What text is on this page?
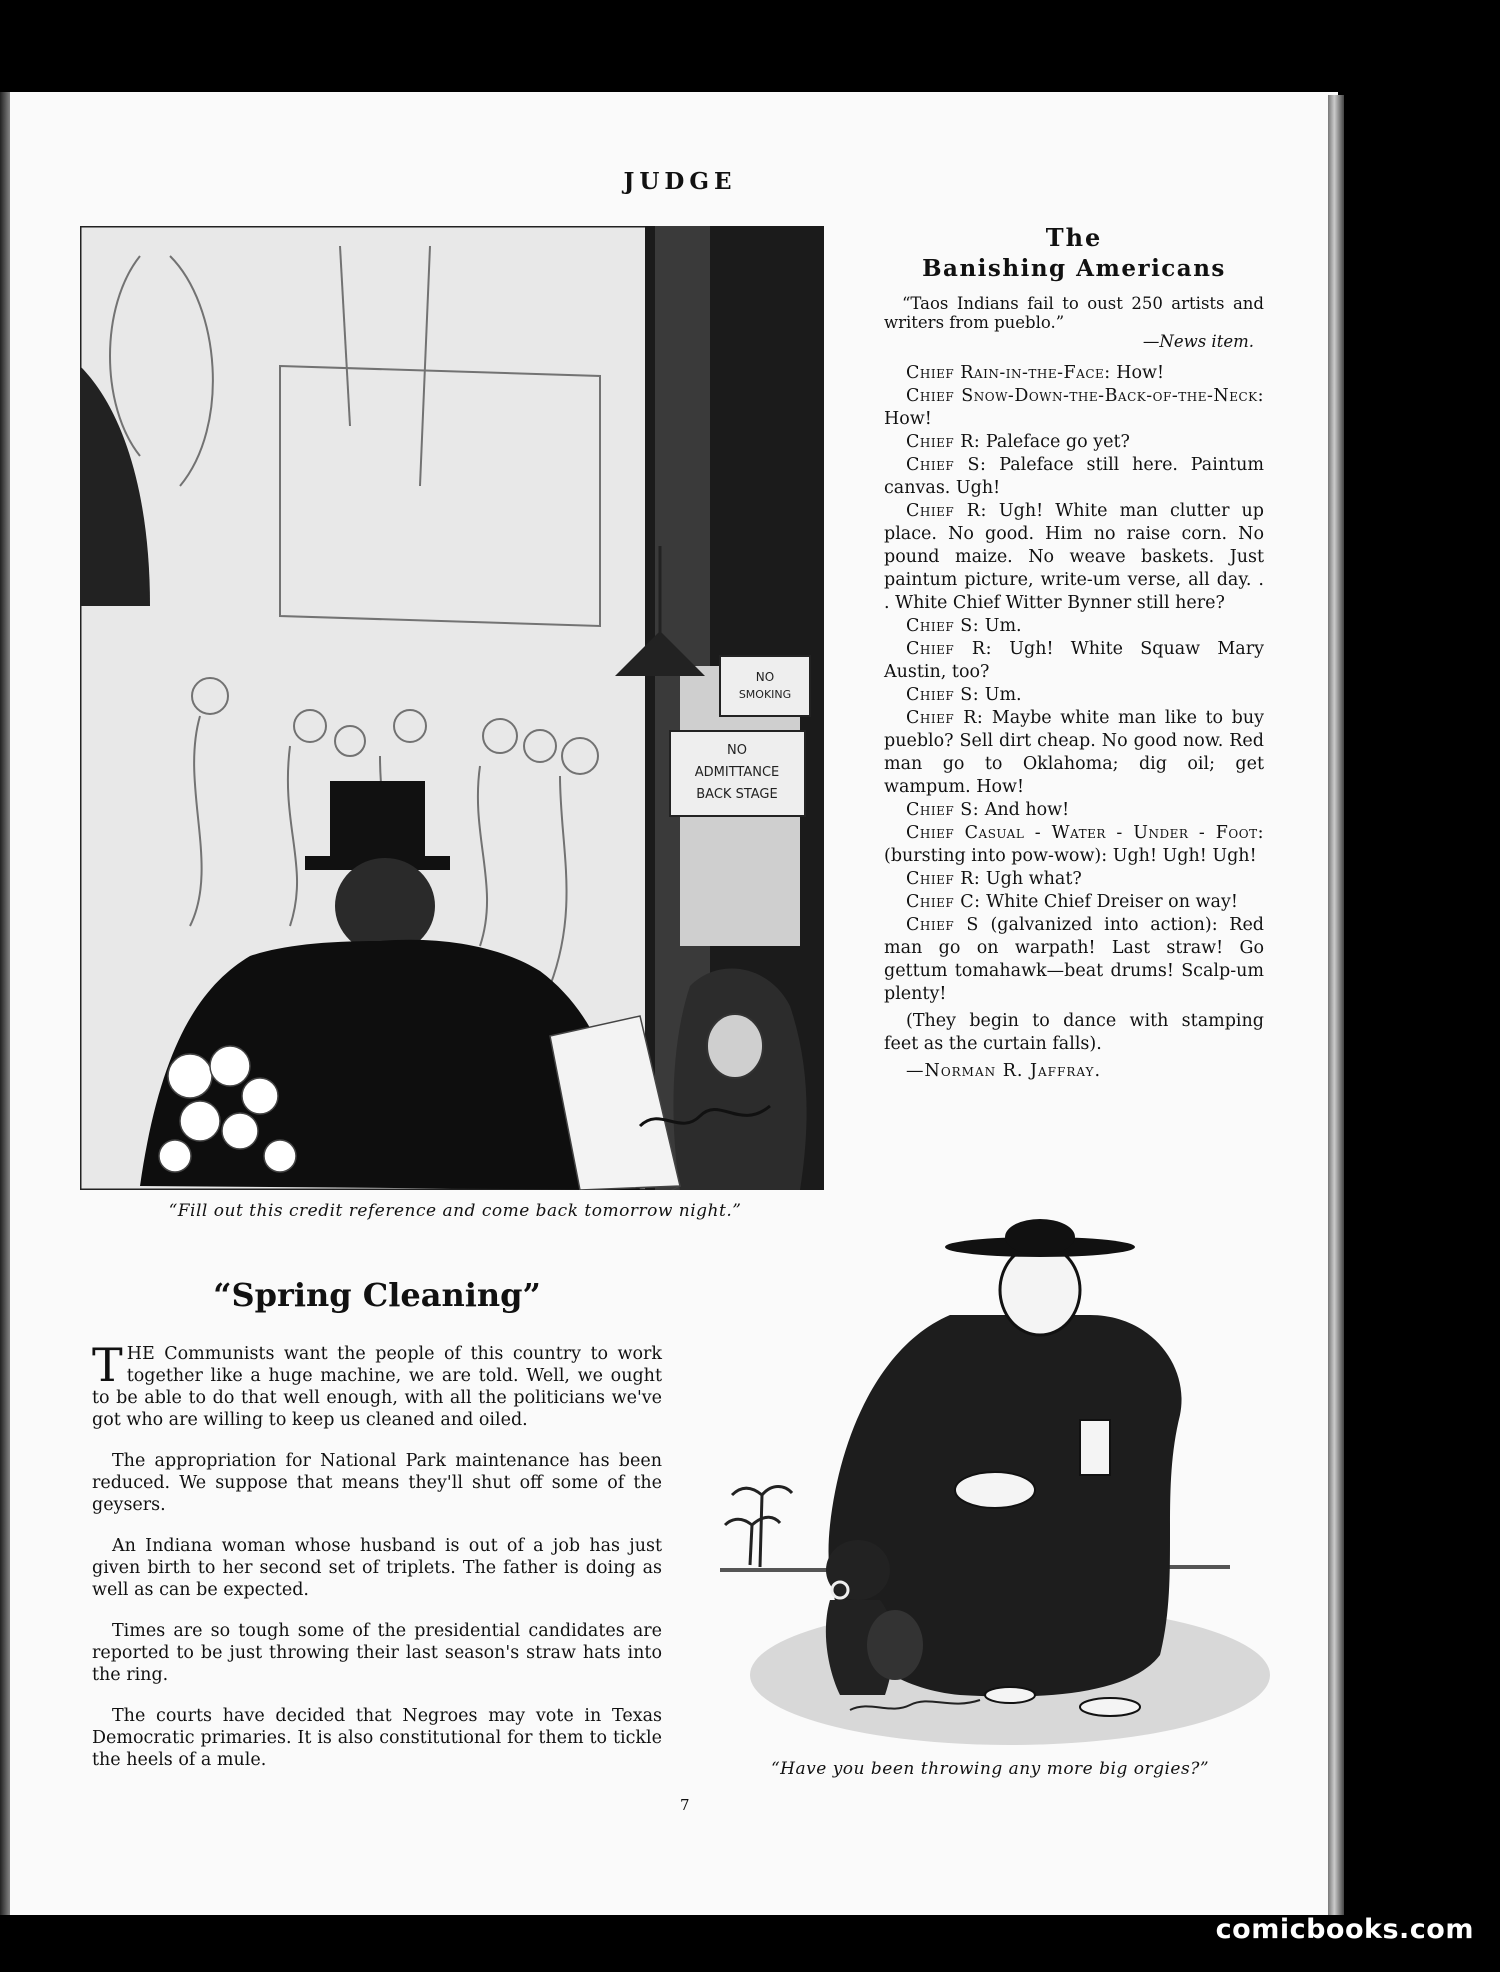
JUDGE
NO
SMOKING
NO
ADMITTANCE
BACK STAGE
“Fill out this credit reference and come back tomorrow night.”
The
Banishing Americans

“Taos Indians fail to oust 250 artists and writers from pueblo.”

—News item.

Chief Rain-in-the-Face: How!

Chief Snow-Down-the-Back-of-the-Neck: How!

Chief R: Paleface go yet?

Chief S: Paleface still here. Paintum canvas. Ugh!

Chief R: Ugh! White man clutter up place. No good. Him no raise corn. No pound maize. No weave baskets. Just paintum picture, write-um verse, all day. . . White Chief Witter Bynner still here?

Chief S: Um.

Chief R: Ugh! White Squaw Mary Austin, too?

Chief S: Um.

Chief R: Maybe white man like to buy pueblo? Sell dirt cheap. No good now. Red man go to Oklahoma; dig oil; get wampum. How!

Chief S: And how!

Chief Casual - Water - Under - Foot: (bursting into pow-wow): Ugh! Ugh! Ugh!

Chief R: Ugh what?

Chief C: White Chief Dreiser on way!

Chief S (galvanized into action): Red man go on warpath! Last straw! Go gettum tomahawk—beat drums! Scalp-um plenty!

(They begin to dance with stamping feet as the curtain falls).

—Norman R. Jaffray.

“Spring Cleaning”

THE Communists want the people of this country to work together like a huge machine, we are told. Well, we ought to be able to do that well enough, with all the politicians we've got who are willing to keep us cleaned and oiled.

The appropriation for National Park maintenance has been reduced. We suppose that means they'll shut off some of the geysers.

An Indiana woman whose husband is out of a job has just given birth to her second set of triplets. The father is doing as well as can be expected.

Times are so tough some of the presidential candidates are reported to be just throwing their last season's straw hats into the ring.

The courts have decided that Negroes may vote in Texas Democratic primaries. It is also constitutional for them to tickle the heels of a mule.	“Have you been throwing any more big orgies?”
7
comicbooks.com
